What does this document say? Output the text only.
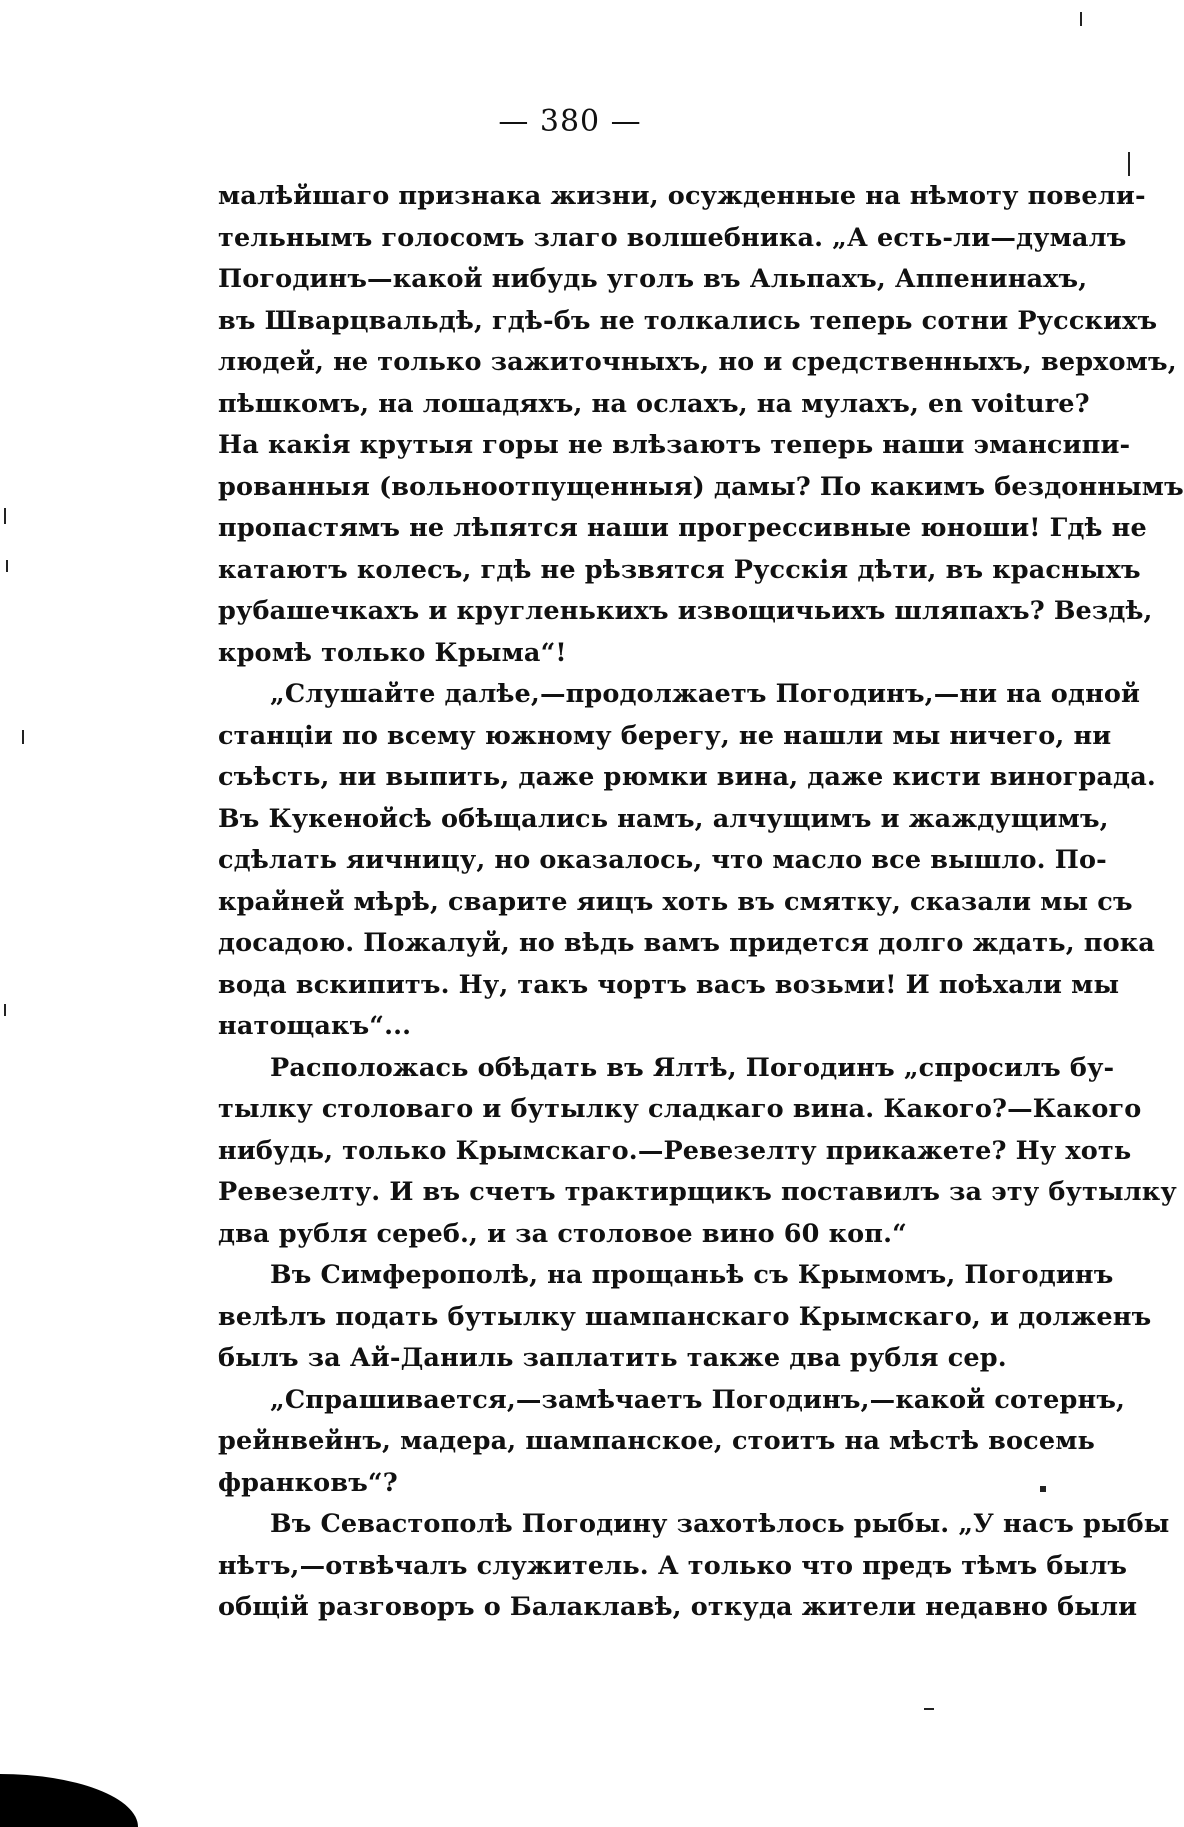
— 380 —
малѣйшаго признака жизни, осужденные на нѣмоту повели-
тельнымъ голосомъ злаго волшебника. „А есть-ли—думалъ
Погодинъ—какой нибудь уголъ въ Альпахъ, Аппенинахъ,
въ Шварцвальдѣ, гдѣ-бъ не толкались теперь сотни Русскихъ
людей, не только зажиточныхъ, но и средственныхъ, верхомъ,
пѣшкомъ, на лошадяхъ, на ослахъ, на мулахъ, en voiture?
На какія крутыя горы не влѣзаютъ теперь наши эмансипи-
рованныя (вольноотпущенныя) дамы? По какимъ бездоннымъ
пропастямъ не лѣпятся наши прогрессивные юноши! Гдѣ не
катаютъ колесъ, гдѣ не рѣзвятся Русскія дѣти, въ красныхъ
рубашечкахъ и кругленькихъ извощичьихъ шляпахъ? Вездѣ,
кромѣ только Крыма“!
„Слушайте далѣе,—продолжаетъ Погодинъ,—ни на одной
станціи по всему южному берегу, не нашли мы ничего, ни
съѣсть, ни выпить, даже рюмки вина, даже кисти винограда.
Въ Кукенойсѣ обѣщались намъ, алчущимъ и жаждущимъ,
сдѣлать яичницу, но оказалось, что масло все вышло. По-
крайней мѣрѣ, сварите яицъ хоть въ смятку, сказали мы съ
досадою. Пожалуй, но вѣдь вамъ придется долго ждать, пока
вода вскипитъ. Ну, такъ чортъ васъ возьми! И поѣхали мы
натощакъ“...
Расположась обѣдать въ Ялтѣ, Погодинъ „спросилъ бу-
тылку столоваго и бутылку сладкаго вина. Какого?—Какого
нибудь, только Крымскаго.—Ревезелту прикажете? Ну хоть
Ревезелту. И въ счетъ трактирщикъ поставилъ за эту бутылку
два рубля сереб., и за столовое вино 60 коп.“
Въ Симферополѣ, на прощаньѣ съ Крымомъ, Погодинъ
велѣлъ подать бутылку шампанскаго Крымскаго, и долженъ
былъ за Ай-Даниль заплатить также два рубля сер.
„Спрашивается,—замѣчаетъ Погодинъ,—какой сотернъ,
рейнвейнъ, мадера, шампанское, стоитъ на мѣстѣ восемь
франковъ“?
Въ Севастополѣ Погодину захотѣлось рыбы. „У насъ рыбы
нѣтъ,—отвѣчалъ служитель. А только что предъ тѣмъ былъ
общій разговоръ о Балаклавѣ, откуда жители недавно были
